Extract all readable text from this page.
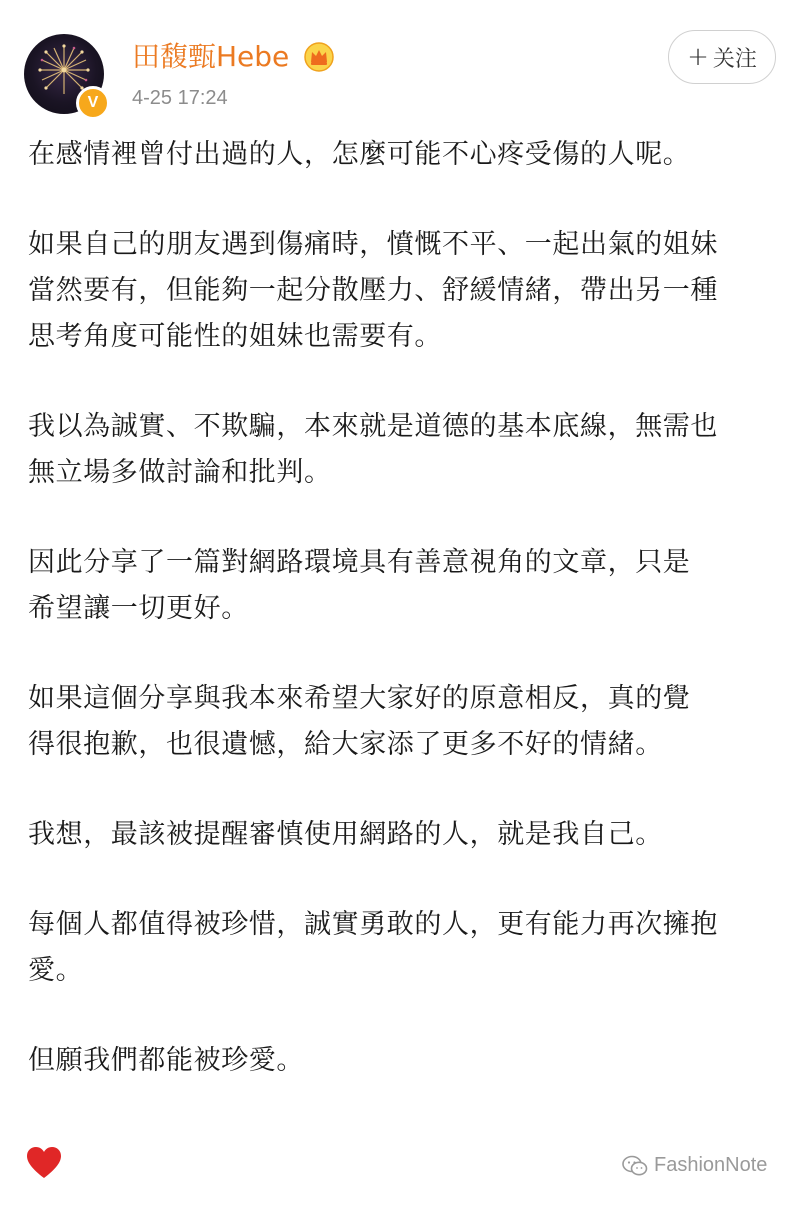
V
田馥甄Hebe
4-25 17:24
+ 关注
在感情裡曾付出過的人，怎麼可能不心疼受傷的人呢。
如果自己的朋友遇到傷痛時，憤慨不平、一起出氣的姐妹
當然要有，但能夠一起分散壓力、舒緩情緒，帶出另一種
思考角度可能性的姐妹也需要有。
我以為誠實、不欺騙，本來就是道德的基本底線，無需也
無立場多做討論和批判。
因此分享了一篇對網路環境具有善意視角的文章，只是
希望讓一切更好。
如果這個分享與我本來希望大家好的原意相反，真的覺
得很抱歉，也很遺憾，給大家添了更多不好的情緒。
我想，最該被提醒審慎使用網路的人，就是我自己。
每個人都值得被珍惜，誠實勇敢的人，更有能力再次擁抱
愛。
但願我們都能被珍愛。
FashionNote
